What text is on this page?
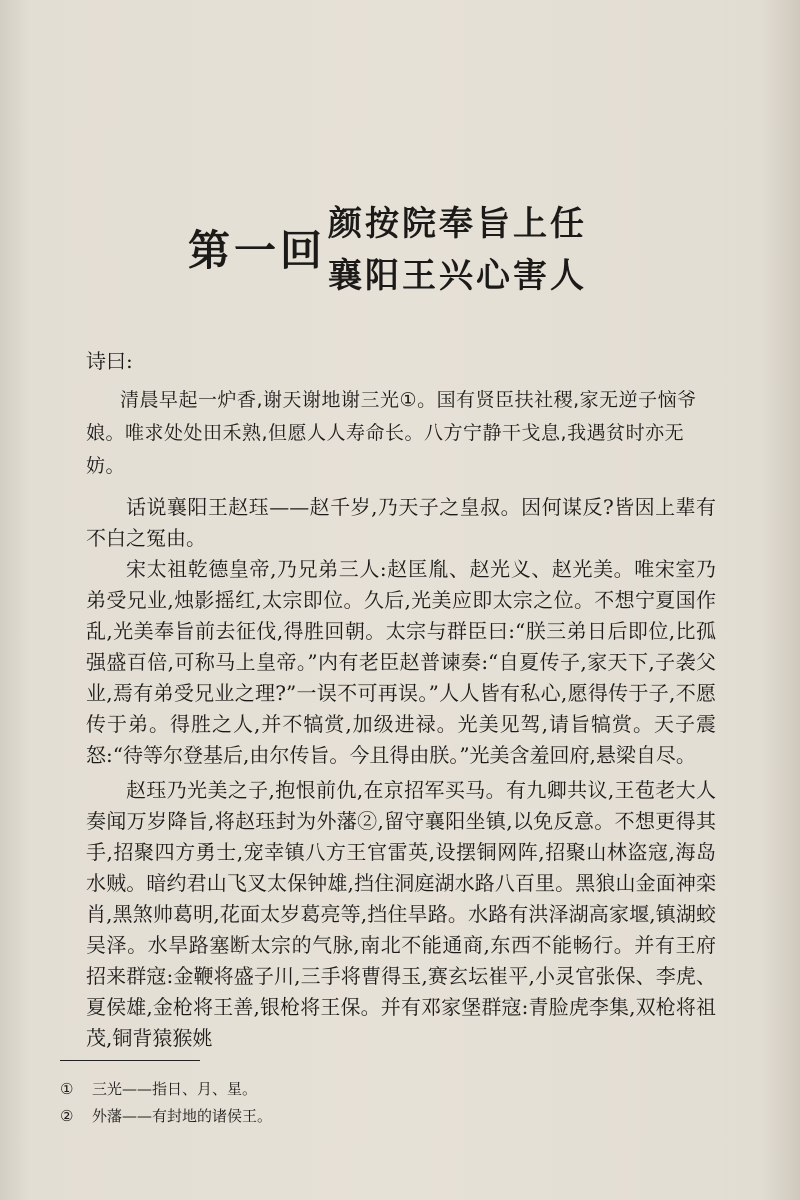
第一回
颜按院奉旨上任
襄阳王兴心害人
诗曰:
清晨早起一炉香,谢天谢地谢三光①。国有贤臣扶社稷,家无逆子恼爷娘。唯求处处田禾熟,但愿人人寿命长。八方宁静干戈息,我遇贫时亦无妨。
话说襄阳王赵珏——赵千岁,乃天子之皇叔。因何谋反?皆因上辈有不白之冤由。
宋太祖乾德皇帝,乃兄弟三人:赵匡胤、赵光义、赵光美。唯宋室乃弟受兄业,烛影摇红,太宗即位。久后,光美应即太宗之位。不想宁夏国作乱,光美奉旨前去征伐,得胜回朝。太宗与群臣曰:“朕三弟日后即位,比孤强盛百倍,可称马上皇帝。”内有老臣赵普谏奏:“自夏传子,家天下,子袭父业,焉有弟受兄业之理?”一误不可再误。”人人皆有私心,愿得传于子,不愿传于弟。得胜之人,并不犒赏,加级进禄。光美见驾,请旨犒赏。天子震怒:“待等尔登基后,由尔传旨。今且得由朕。”光美含羞回府,悬梁自尽。
赵珏乃光美之子,抱恨前仇,在京招军买马。有九卿共议,王苞老大人奏闻万岁降旨,将赵珏封为外藩②,留守襄阳坐镇,以免反意。不想更得其手,招聚四方勇士,宠幸镇八方王官雷英,设摆铜网阵,招聚山林盗寇,海岛水贼。暗约君山飞叉太保钟雄,挡住洞庭湖水路八百里。黑狼山金面神栾肖,黑煞帅葛明,花面太岁葛亮等,挡住旱路。水路有洪泽湖高家堰,镇湖蛟吴泽。水旱路塞断太宗的气脉,南北不能通商,东西不能畅行。并有王府招来群寇:金鞭将盛子川,三手将曹得玉,赛玄坛崔平,小灵官张保、李虎、夏侯雄,金枪将王善,银枪将王保。并有邓家堡群寇:青脸虎李集,双枪将祖茂,铜背猿猴姚
①	三光——指日、月、星。
②	外藩——有封地的诸侯王。
